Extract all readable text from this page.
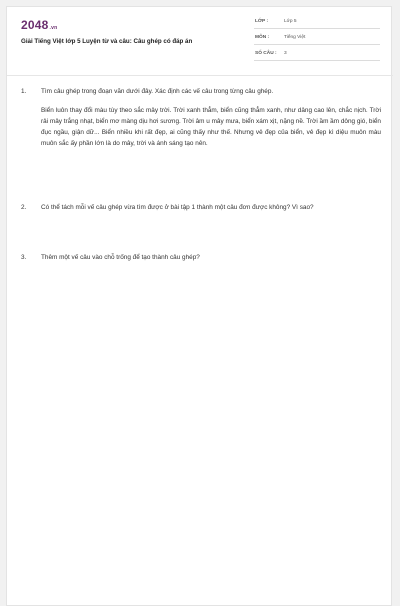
2048.vn
Giải Tiếng Việt lớp 5 Luyện từ và câu: Câu ghép có đáp án
LỚP :	Lớp 5
MÔN :	Tiếng Việt
SỐ CÂU : 3
1.	Tìm câu ghép trong đoạn văn dưới đây. Xác định các vế câu trong từng câu ghép.
Biển luôn thay đổi màu tùy theo sắc mây trời. Trời xanh thẳm, biển cũng thẳm xanh, như dâng cao lên, chắc nịch. Trời rải mây trắng nhạt, biển mơ màng dịu hơi sương. Trời âm u mây mưa, biển xám xịt, nặng nề. Trời ầm ầm dông gió, biển đục ngầu, giận dữ... Biển nhiều khi rất đẹp, ai cũng thấy như thế. Nhưng vẻ đẹp của biển, vẻ đẹp kì diệu muôn màu muôn sắc ấy phần lớn là do mây, trời và ánh sáng tạo nên.
2.	Có thể tách mỗi vế câu ghép vừa tìm được ở bài tập 1 thành một câu đơn được không? Vì sao?
3.	Thêm một vế câu vào chỗ trống để tạo thành câu ghép?
